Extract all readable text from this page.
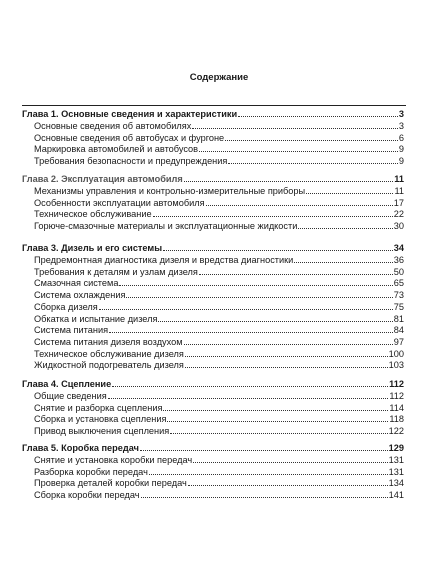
Содержание
Глава 1. Основные сведения и характеристики	3
Основные сведения об автомобилях	3
Основные сведения об автобусах и фургоне	6
Маркировка автомобилей и автобусов	9
Требования безопасности и предупреждения	9
Глава 2. Эксплуатация автомобиля	11
Механизмы управления и контрольно-измерительные приборы	11
Особенности эксплуатации автомобиля	17
Техническое обслуживание	22
Горюче-смазочные материалы и эксплуатационные жидкости	30
Глава 3. Дизель и его системы	34
Предремонтная диагностика дизеля и вредства диагностики	36
Требования к деталям и узлам дизеля	50
Смазочная система	65
Сиcтема охлаждения	73
Сборка дизеля	75
Обкатка и испытание дизеля	81
Система питания	84
Система питания дизеля воздухом	97
Техническое обслуживание дизеля	100
Жидкостной подогреватель дизеля	103
Глава 4. Сцепление	112
Общие сведения	112
Снятие и разборка сцепления	114
Сборка и установка сцепления	118
Привод выключения сцепления	122
Глава 5. Коробка передач	129
Снятие и установка коробки передач	131
Разборка коробки передач	131
Проверка деталей коробки передач	134
Сборка коробки передач	141
